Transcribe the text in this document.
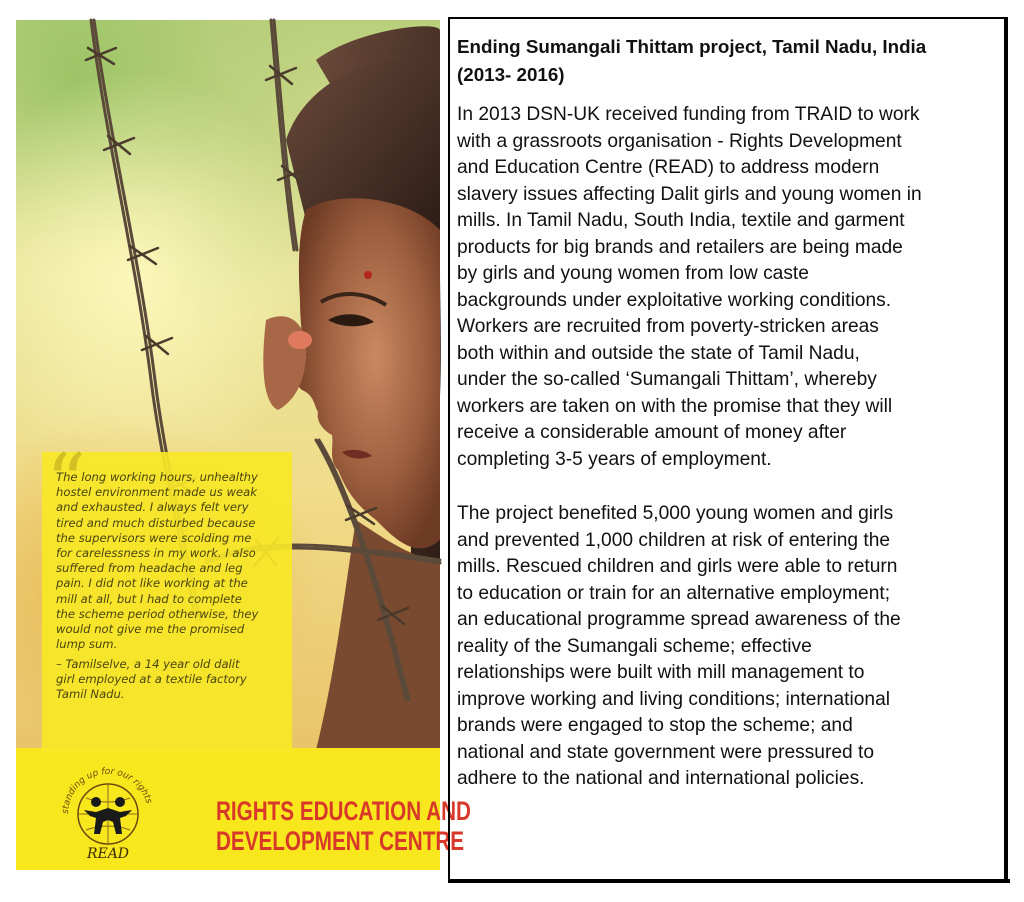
“

The long working hours, unhealthy
hostel environment made us weak
and exhausted. I always felt very
tired and much disturbed because
the supervisors were scolding me
for carelessness in my work. I also
suffered from headache and leg
pain. I did not like working at the
mill at all, but I had to complete
the scheme period otherwise, they
would not give me the promised
lump sum.

– Tamilselve, a 14 year old dalit
girl employed at a textile factory
Tamil Nadu.

standing up for our rights
READ
RIGHTS EDUCATION AND
DEVELOPMENT CENTRE

Ending Sumangali Thittam project, Tamil Nadu, India
(2013- 2016)

In 2013 DSN-UK received funding from TRAID to work
with a grassroots organisation - Rights Development
and Education Centre (READ) to address modern
slavery issues affecting Dalit girls and young women in
mills. In Tamil Nadu, South India, textile and garment
products for big brands and retailers are being made
by girls and young women from low caste
backgrounds under exploitative working conditions.
Workers are recruited from poverty-stricken areas
both within and outside the state of Tamil Nadu,
under the so-called ‘Sumangali Thittam’, whereby
workers are taken on with the promise that they will
receive a considerable amount of money after
completing 3-5 years of employment.

The project benefited 5,000 young women and girls
and prevented 1,000 children at risk of entering the
mills. Rescued children and girls were able to return
to education or train for an alternative employment;
an educational programme spread awareness of the
reality of the Sumangali scheme; effective
relationships were built with mill management to
improve working and living conditions; international
brands were engaged to stop the scheme; and
national and state government were pressured to
adhere to the national and international policies.
